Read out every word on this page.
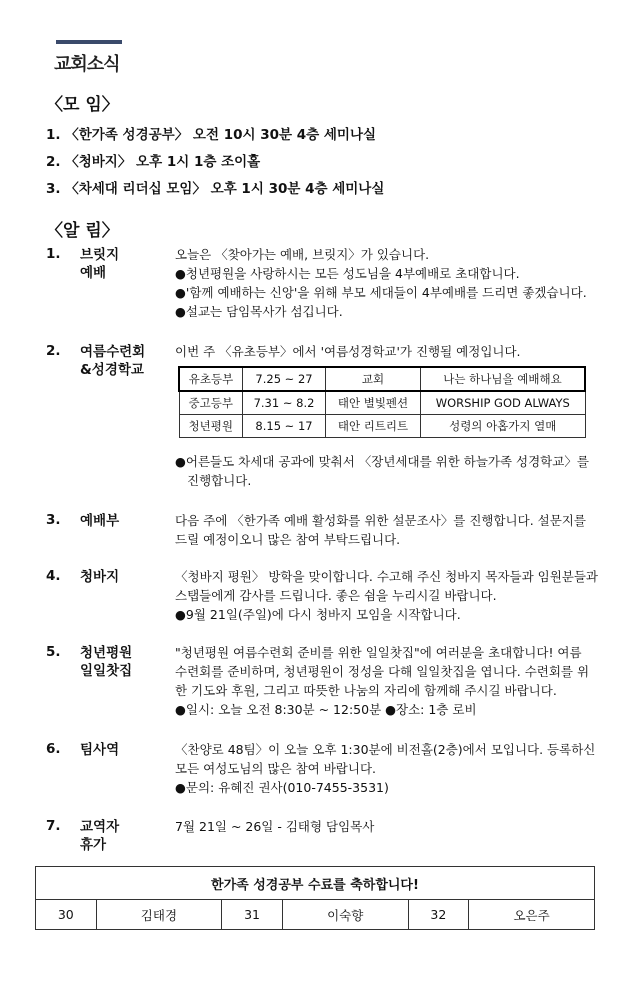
교회소식
〈모 임〉
1. 〈한가족 성경공부〉 오전 10시 30분 4층 세미나실
2. 〈청바지〉 오후 1시 1층 조이홀
3. 〈차세대 리더십 모임〉 오후 1시 30분 4층 세미나실
〈알 림〉
1. 브릿지
예배
오늘은 〈찾아가는 예배, 브릿지〉가 있습니다.
●청년평원을 사랑하시는 모든 성도님을 4부예배로 초대합니다.
●'함께 예배하는 신앙'을 위해 부모 세대들이 4부예배를 드리면 좋겠습니다.
●설교는 담임목사가 섬깁니다.
2. 여름수련회
&성경학교
이번 주 〈유초등부〉에서 '여름성경학교'가 진행될 예정입니다.
유초등부	7.25 ~ 27	교회	나는 하나님을 예배해요
중고등부	7.31 ~ 8.2	태안 별빛펜션	WORSHIP GOD ALWAYS
청년평원	8.15 ~ 17	태안 리트리트	성령의 아홉가지 열매
●어른들도 차세대 공과에 맞춰서 〈장년세대를 위한 하늘가족 성경학교〉를
진행합니다.
3. 예배부	다음 주에 〈한가족 예배 활성화를 위한 설문조사〉를 진행합니다. 설문지를
드릴 예정이오니 많은 참여 부탁드립니다.
4. 청바지	〈청바지 평원〉 방학을 맞이합니다. 수고해 주신 청바지 목자들과 임원분들과
스탭들에게 감사를 드립니다. 좋은 쉼을 누리시길 바랍니다.
●9월 21일(주일)에 다시 청바지 모임을 시작합니다.
5. 청년평원
일일찻집
"청년평원 여름수련회 준비를 위한 일일찻집"에 여러분을 초대합니다! 여름
수련회를 준비하며, 청년평원이 정성을 다해 일일찻집을 엽니다. 수련회를 위
한 기도와 후원, 그리고 따뜻한 나눔의 자리에 함께해 주시길 바랍니다.
●일시: 오늘 오전 8:30분 ~ 12:50분 ●장소: 1층 로비
6. 팀사역	〈찬양로 48팀〉이 오늘 오후 1:30분에 비전홀(2층)에서 모입니다. 등록하신
모든 여성도님의 많은 참여 바랍니다.
●문의: 유혜진 권사(010-7455-3531)
7. 교역자
휴가
7월 21일 ~ 26일 - 김태형 담임목사
한가족 성경공부 수료를 축하합니다!
30	김태경	31	이숙향	32	오은주
